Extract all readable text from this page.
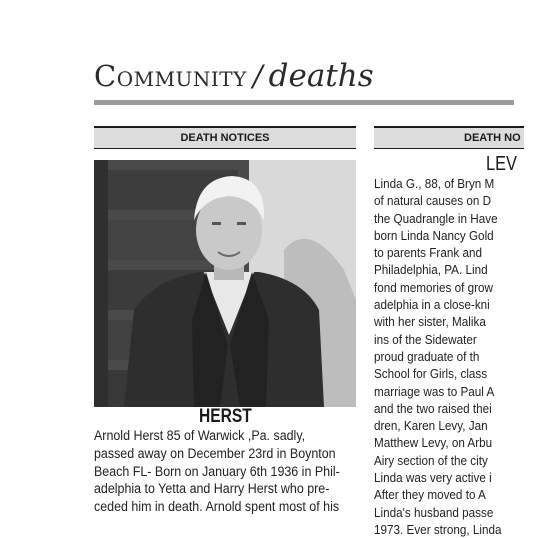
Community / deaths
DEATH NOTICES	DEATH NO
HERST
LEV
Arnold Herst 85 of Warwick ,Pa. sadly,
passed away on December 23rd in Boynton
Beach FL- Born on January 6th 1936 in Phil-
adelphia to Yetta and Harry Herst who pre-
ceded him in death. Arnold spent most of his
Linda G., 88, of Bryn M
of natural causes on D
the Quadrangle in Have
born Linda Nancy Gold
to parents Frank and
Philadelphia, PA. Lind
fond memories of grow
adelphia in a close-kni
with her sister, Malika
ins of the Sidewater
proud graduate of th
School for Girls, class
marriage was to Paul A
and the two raised thei
dren, Karen Levy, Jan
Matthew Levy, on Arbu
Airy section of the city
Linda was very active i
After they moved to A
Linda's husband passe
1973. Ever strong, Linda
